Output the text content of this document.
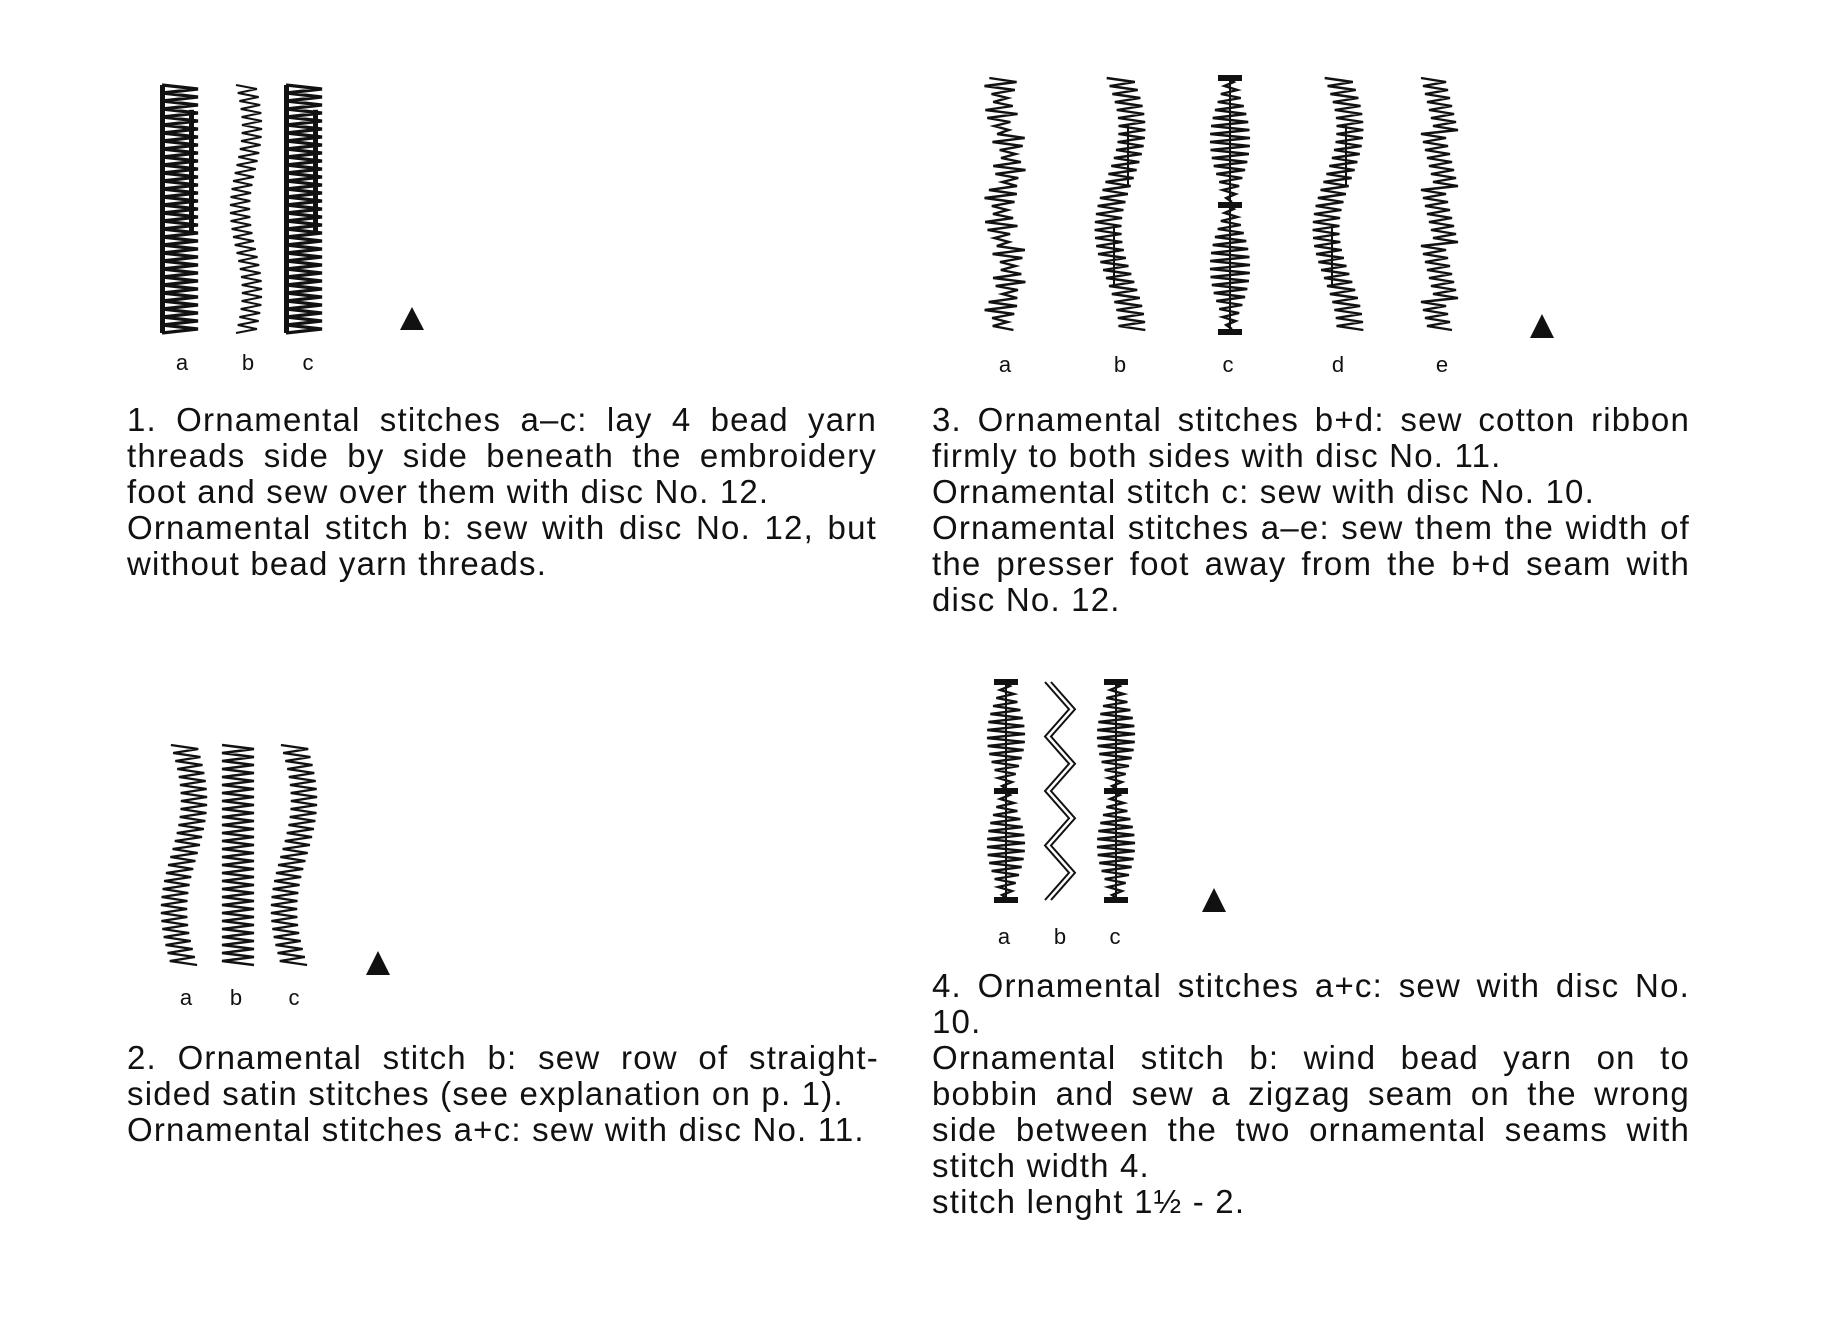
a b c
1. Ornamental stitches a–c: lay 4 bead yarn threads side by side beneath the embroidery foot and sew over them with disc No. 12.
Ornamental stitch b: sew with disc No. 12, but without bead yarn threads.
a b c
2. Ornamental stitch b: sew row of straight-sided satin stitches (see explanation on p. 1).
Ornamental stitches a+c: sew with disc No. 11.
a	b	c	d	e
3. Ornamental stitches b+d: sew cotton ribbon firmly to both sides with disc No. 11.
Ornamental stitch c: sew with disc No. 10.
Ornamental stitches a–e: sew them the width of the presser foot away from the b+d seam with disc No. 12.
a b c
4. Ornamental stitches a+c: sew with disc No. 10.
Ornamental stitch b: wind bead yarn on to bobbin and sew a zigzag seam on the wrong side between the two ornamental seams with stitch width 4.
stitch lenght 1½ - 2.
